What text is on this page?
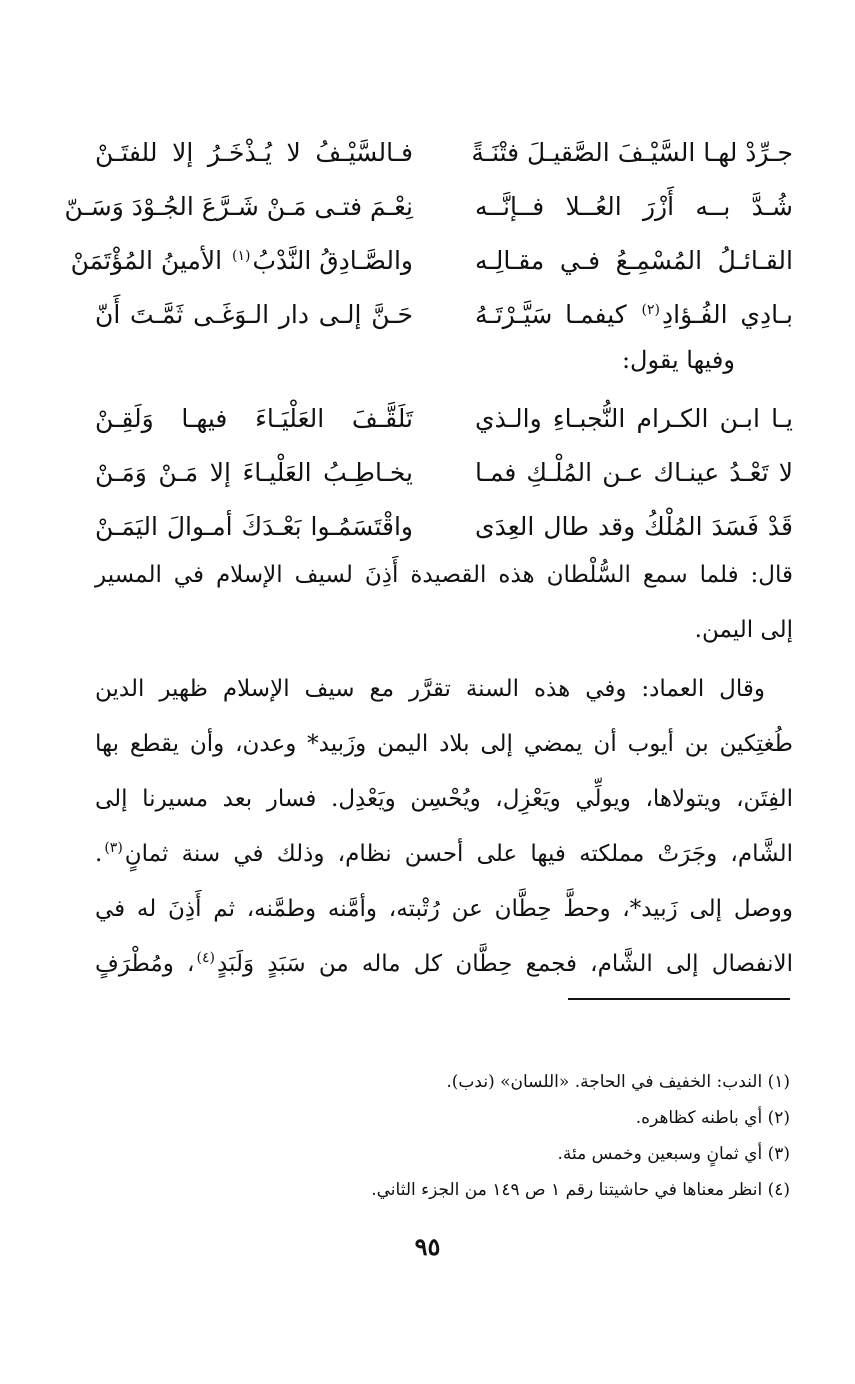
جـرِّدْ لهـا السَّيْـفَ الصَّقيـلَ فتْنَـةً
فـالسَّيْـفُ لا يُـذْخَـرُ إلا للفتَـنْ
شُـدَّ بــه أَزْرَ العُــلا فــإنَّــه
نِعْـمَ فتـى مَـنْ شَـرَّعَ الجُـوْدَ وَسَـنّ
القـائـلُ المُسْمِـعُ فـي مقـالِـه
والصَّـادِقُ النَّدْبُ$^{(١)}$ الأمينُ المُؤْتَمَنْ
بـادِي الفُـؤادِ$^{(٢)}$ كيفمـا سَيَّـرْتَـهُ
حَـنَّ إلـى دار الـوَغَـى ثَمَّـتَ أَنّ
وفيها يقول:
يـا ابـن الكـرام النُّجبـاءِ والـذي
تَلَقَّـفَ العَلْيَـاءَ فيهـا وَلَقِـنْ
لا تَعْـدُ عينـاك عـن المُلْـكِ فمـا
يخـاطِـبُ العَلْيـاءَ إلا مَـنْ وَمَـنْ
قَدْ فَسَدَ المُلْكُ وقد طال العِدَى
واقْتَسَمُـوا بَعْـدَكَ أمـوالَ اليَمَـنْ
قال: فلما سمع السُّلْطان هذه القصيدة أَذِنَ لسيف الإسلام في المسير
إلى اليمن.
وقال العماد: وفي هذه السنة تقرَّر مع سيف الإسلام ظهير الدين
طُغتِكين بن أيوب أن يمضي إلى بلاد اليمن وزَبيد* وعدن، وأن يقطع بها
الفِتَن، ويتولاها، ويولِّي ويَعْزِل، ويُحْسِن ويَعْدِل. فسار بعد مسيرنا إلى
الشَّام، وجَرَتْ مملكته فيها على أحسن نظام، وذلك في سنة ثمانٍ$^{(٣)}$.
ووصل إلى زَبيد*، وحطَّ حِطَّان عن رُتْبته، وأمَّنه وطمَّنه، ثم أَذِنَ له في
الانفصال إلى الشَّام، فجمع حِطَّان كل ماله من سَبَدٍ وَلَبَدٍ$^{(٤)}$، ومُطْرَفٍ
(١) الندب: الخفيف في الحاجة. «اللسان» (ندب).
(٢) أي باطنه كظاهره.
(٣) أي ثمانٍ وسبعين وخمس مئة.
(٤) انظر معناها في حاشيتنا رقم ١ ص ١٤٩ من الجزء الثاني.
٩٥
